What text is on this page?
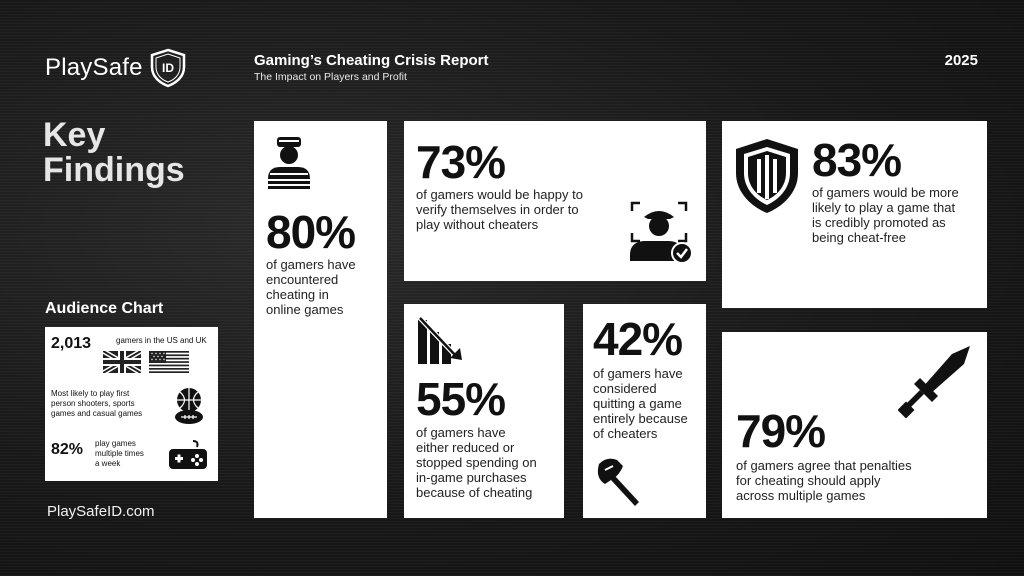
PlaySafe ID	Gaming’s Cheating Crisis Report
The Impact on Players and Profit
2025
Key
Findings
Audience Chart
2,013	gamers in the US and UK
Most likely to play first
person shooters, sports
games and casual games
82% play games
multiple times
a week
PlaySafeID.com
80%
of gamers have
encountered
cheating in
online games
73%
of gamers would be happy to
verify themselves in order to
play without cheaters
83%
of gamers would be more
likely to play a game that
is credibly promoted as
being cheat-free
55%
of gamers have
either reduced or
stopped spending on
in-game purchases
because of cheating
42%
of gamers have
considered
quitting a game
entirely because
of cheaters	79%
of gamers agree that penalties
for cheating should apply
across multiple games
